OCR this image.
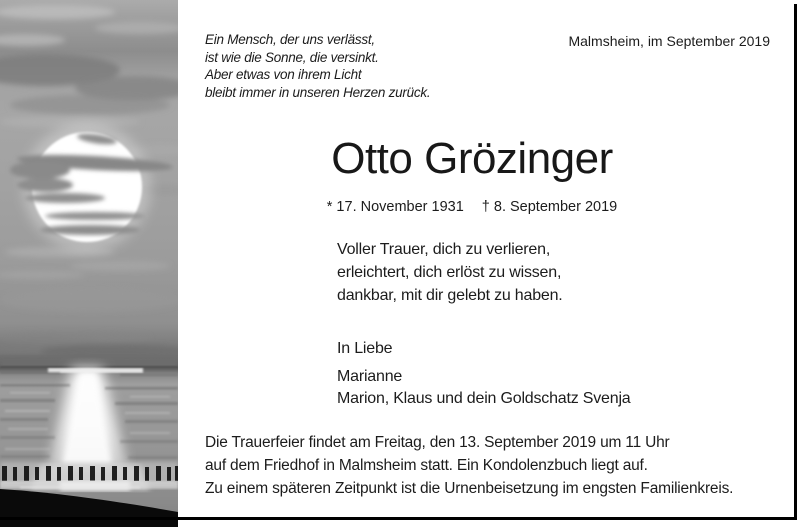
Ein Mensch, der uns verlässt,
ist wie die Sonne, die versinkt.
Aber etwas von ihrem Licht
bleibt immer in unseren Herzen zurück.
Malmsheim, im September 2019
Otto Grözinger
* 17. November 1931 † 8. September 2019
Voller Trauer, dich zu verlieren,
erleichtert, dich erlöst zu wissen,
dankbar, mit dir gelebt zu haben.
In Liebe
Marianne
Marion, Klaus und dein Goldschatz Svenja
Die Trauerfeier findet am Freitag, den 13. September 2019 um 11 Uhr
auf dem Friedhof in Malmsheim statt. Ein Kondolenzbuch liegt auf.
Zu einem späteren Zeitpunkt ist die Urnenbeisetzung im engsten Familienkreis.
